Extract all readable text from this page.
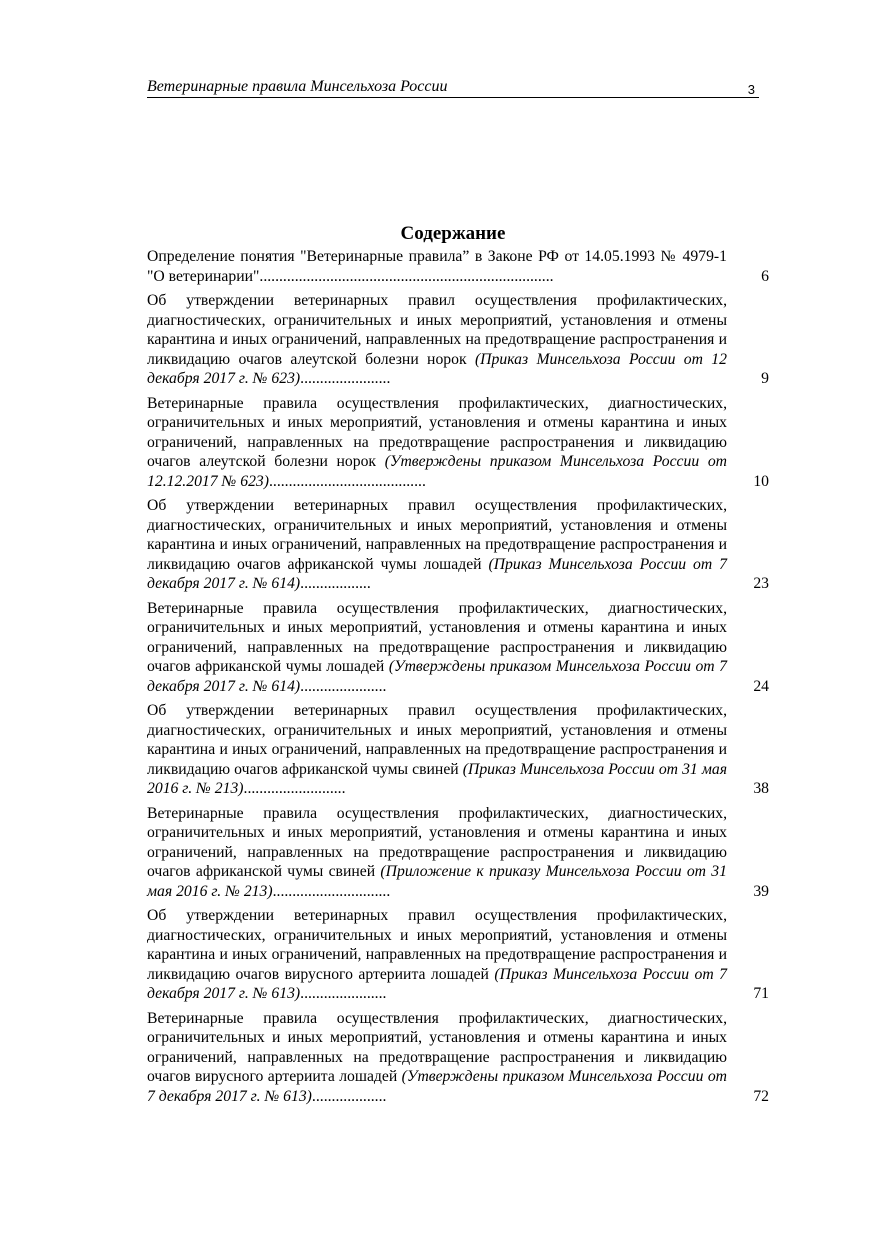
Ветеринарные правила Минсельхоза России	3
Содержание
Определение понятия "Ветеринарные правила” в Законе РФ от 14.05.1993 № 4979-1 "О ветеринарии"...........................................................................	6
Об утверждении ветеринарных правил осуществления профилактических, диагностических, ограничительных и иных мероприятий, установления и отмены карантина и иных ограничений, направленных на предотвращение распространения и ликвидацию очагов алеутской болезни норок (Приказ Минсельхоза России от 12 декабря 2017 г. № 623).......................	9
Ветеринарные правила осуществления профилактических, диагностических, ограничительных и иных мероприятий, установления и отмены карантина и иных ограничений, направленных на предотвращение распространения и ликвидацию очагов алеутской болезни норок (Утверждены приказом Минсельхоза России от 12.12.2017 № 623)........................................	10
Об утверждении ветеринарных правил осуществления профилактических, диагностических, ограничительных и иных мероприятий, установления и отмены карантина и иных ограничений, направленных на предотвращение распространения и ликвидацию очагов африканской чумы лошадей (Приказ Минсельхоза России от 7 декабря 2017 г. № 614)..................	23
Ветеринарные правила осуществления профилактических, диагностических, ограничительных и иных мероприятий, установления и отмены карантина и иных ограничений, направленных на предотвращение распространения и ликвидацию очагов африканской чумы лошадей (Утверждены приказом Минсельхоза России от 7 декабря 2017 г. № 614)......................	24
Об утверждении ветеринарных правил осуществления профилактических, диагностических, ограничительных и иных мероприятий, установления и отмены карантина и иных ограничений, направленных на предотвращение распространения и ликвидацию очагов африканской чумы свиней (Приказ Минсельхоза России от 31 мая 2016 г. № 213)..........................	38
Ветеринарные правила осуществления профилактических, диагностических, ограничительных и иных мероприятий, установления и отмены карантина и иных ограничений, направленных на предотвращение распространения и ликвидацию очагов африканской чумы свиней (Приложение к приказу Минсельхоза России от 31 мая 2016 г. № 213)..............................	39
Об утверждении ветеринарных правил осуществления профилактических, диагностических, ограничительных и иных мероприятий, установления и отмены карантина и иных ограничений, направленных на предотвращение распространения и ликвидацию очагов вирусного артериита лошадей (Приказ Минсельхоза России от 7 декабря 2017 г. № 613)......................	71
Ветеринарные правила осуществления профилактических, диагностических, ограничительных и иных мероприятий, установления и отмены карантина и иных ограничений, направленных на предотвращение распространения и ликвидацию очагов вирусного артериита лошадей (Утверждены приказом Минсельхоза России от 7 декабря 2017 г. № 613)...................	72
